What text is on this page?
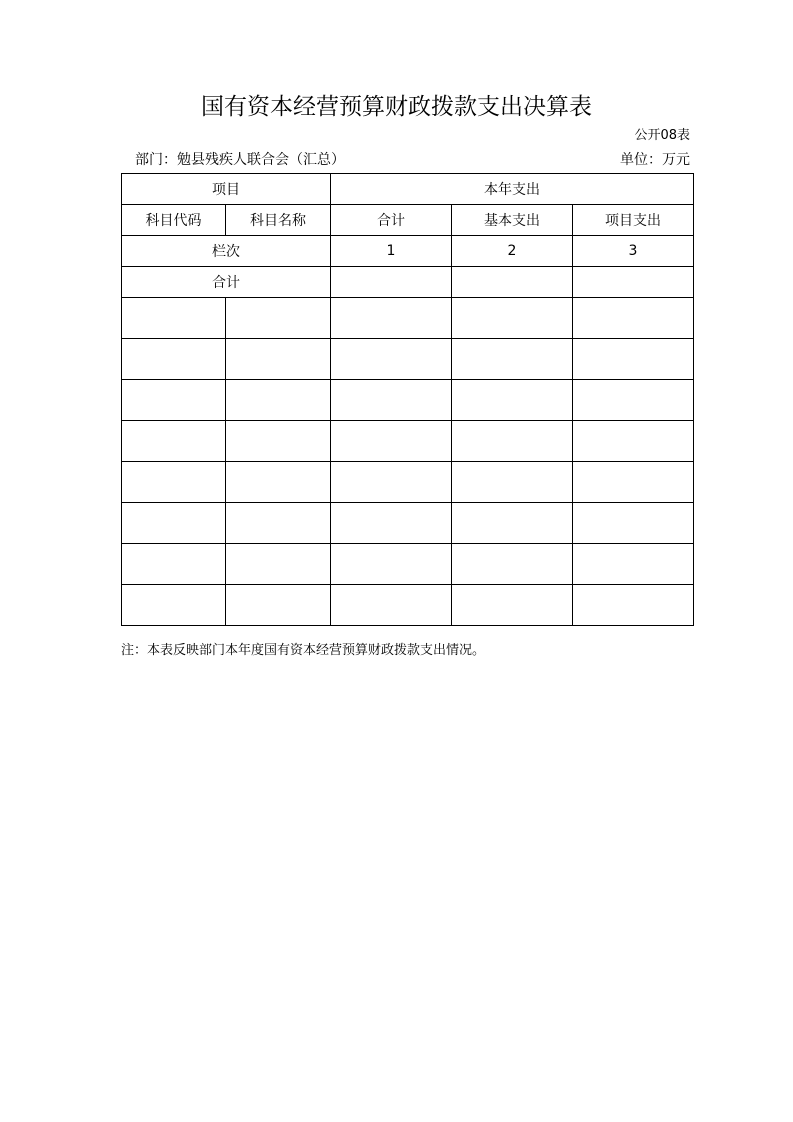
国有资本经营预算财政拨款支出决算表
公开08表
部门：勉县残疾人联合会（汇总）	单位：万元
项目		本年支出		
科目代码	科目名称	合计	基本支出	项目支出
栏次		1	2	3
合计				

注：本表反映部门本年度国有资本经营预算财政拨款支出情况。
